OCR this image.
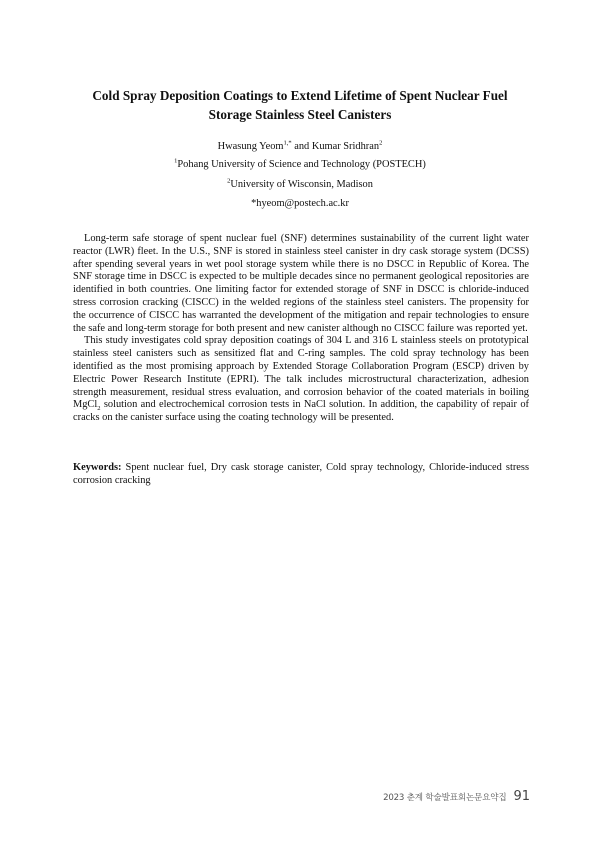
Cold Spray Deposition Coatings to Extend Lifetime of Spent Nuclear Fuel
Storage Stainless Steel Canisters
Hwasung Yeom$^{1,*}$ and Kumar Sridhran$^2$
$^1$Pohang University of Science and Technology (POSTECH)
$^2$University of Wisconsin, Madison
*hyeom@postech.ac.kr

Long-term safe storage of spent nuclear fuel (SNF) determines sustainability of the current light water reactor (LWR) fleet. In the U.S., SNF is stored in stainless steel canister in dry cask storage system (DCSS) after spending several years in wet pool storage system while there is no DSCC in Republic of Korea. The SNF storage time in DSCC is expected to be multiple decades since no permanent geological repositories are identified in both countries. One limiting factor for extended storage of SNF in DSCC is chloride-induced stress corrosion cracking (CISCC) in the welded regions of the stainless steel canisters. The propensity for the occurrence of CISCC has warranted the development of the mitigation and repair technologies to ensure the safe and long-term storage for both present and new canister although no CISCC failure was reported yet.

This study investigates cold spray deposition coatings of 304 L and 316 L stainless steels on prototypical stainless steel canisters such as sensitized flat and C-ring samples. The cold spray technology has been identified as the most promising approach by Extended Storage Collaboration Program (ESCP) driven by Electric Power Research Institute (EPRI). The talk includes microstructural characterization, adhesion strength measurement, residual stress evaluation, and corrosion behavior of the coated materials in boiling MgCl$_2$ solution and electrochemical corrosion tests in NaCl solution. In addition, the capability of repair of cracks on the canister surface using the coating technology will be presented.

Keywords: Spent nuclear fuel, Dry cask storage canister, Cold spray technology, Chloride-induced stress corrosion cracking
2023 춘계 학술발표회논문요약집 91
